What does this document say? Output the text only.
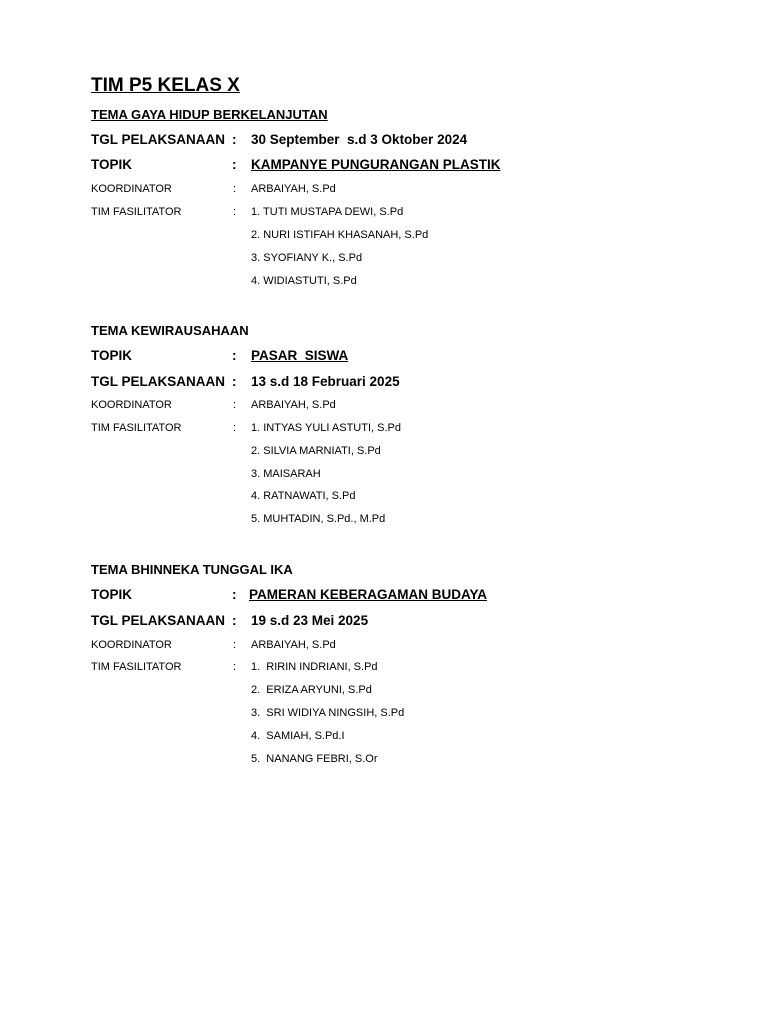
TIM P5 KELAS X
TEMA GAYA HIDUP BERKELANJUTAN
TGL PELAKSANAAN : 30 September  s.d 3 Oktober 2024
TOPIK	: KAMPANYE PUNGURANGAN PLASTIK
KOORDINATOR	: ARBAIYAH, S.Pd
TIM FASILITATOR	: 1. TUTI MUSTAPA DEWI, S.Pd
2. NURI ISTIFAH KHASANAH, S.Pd
3. SYOFIANY K., S.Pd
4. WIDIASTUTI, S.Pd
TEMA KEWIRAUSAHAAN
TOPIK	: PASAR  SISWA
TGL PELAKSANAAN : 13 s.d 18 Februari 2025
KOORDINATOR	: ARBAIYAH, S.Pd
TIM FASILITATOR	: 1. INTYAS YULI ASTUTI, S.Pd
2. SILVIA MARNIATI, S.Pd
3. MAISARAH
4. RATNAWATI, S.Pd
5. MUHTADIN, S.Pd., M.Pd
TEMA BHINNEKA TUNGGAL IKA
TOPIK	: PAMERAN KEBERAGAMAN BUDAYA
TGL PELAKSANAAN : 19 s.d 23 Mei 2025
KOORDINATOR	: ARBAIYAH, S.Pd
TIM FASILITATOR	: 1.  RIRIN INDRIANI, S.Pd
2.  ERIZA ARYUNI, S.Pd
3.  SRI WIDIYA NINGSIH, S.Pd
4.  SAMIAH, S.Pd.I
5.  NANANG FEBRI, S.Or
